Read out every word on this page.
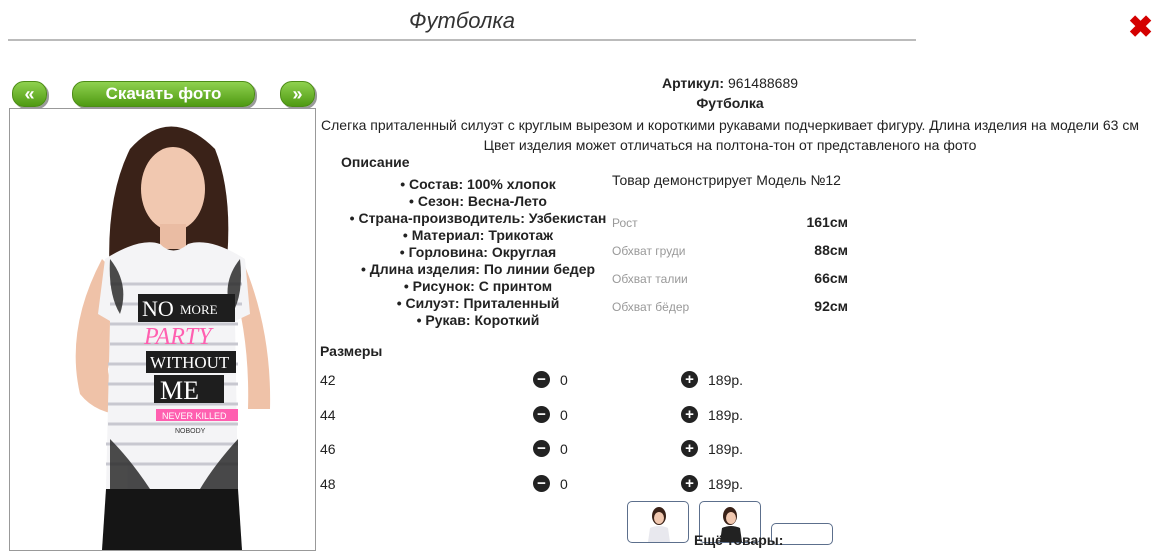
Футболка	✖
«	Скачать фото	»
NO MORE
PARTY
WITHOUT
ME
NEVER KILLED
NOBODY
Артикул: 961488689
Футболка
Слегка приталенный силуэт с круглым вырезом и короткими рукавами подчеркивает фигуру. Длина изделия на модели 63 см Цвет изделия может отличаться на полтона-тон от представленого на фото
Описание
• Состав: 100% хлопок
• Сезон: Весна-Лето
• Страна-производитель: Узбекистан
• Материал: Трикотаж
• Горловина: Округлая
• Длина изделия: По линии бедер
• Рисунок: С принтом
• Силуэт: Приталенный
• Рукав: Короткий
Товар демонстрирует Модель №12
Рост	161см
Обхват груди	88см
Обхват талии	66см
Обхват бёдер	92см
Размеры
42	− 0	+ 189р.
44	− 0	+ 189р.
46	− 0	+ 189р.
48	− 0	+ 189р.
Ещё товары:
